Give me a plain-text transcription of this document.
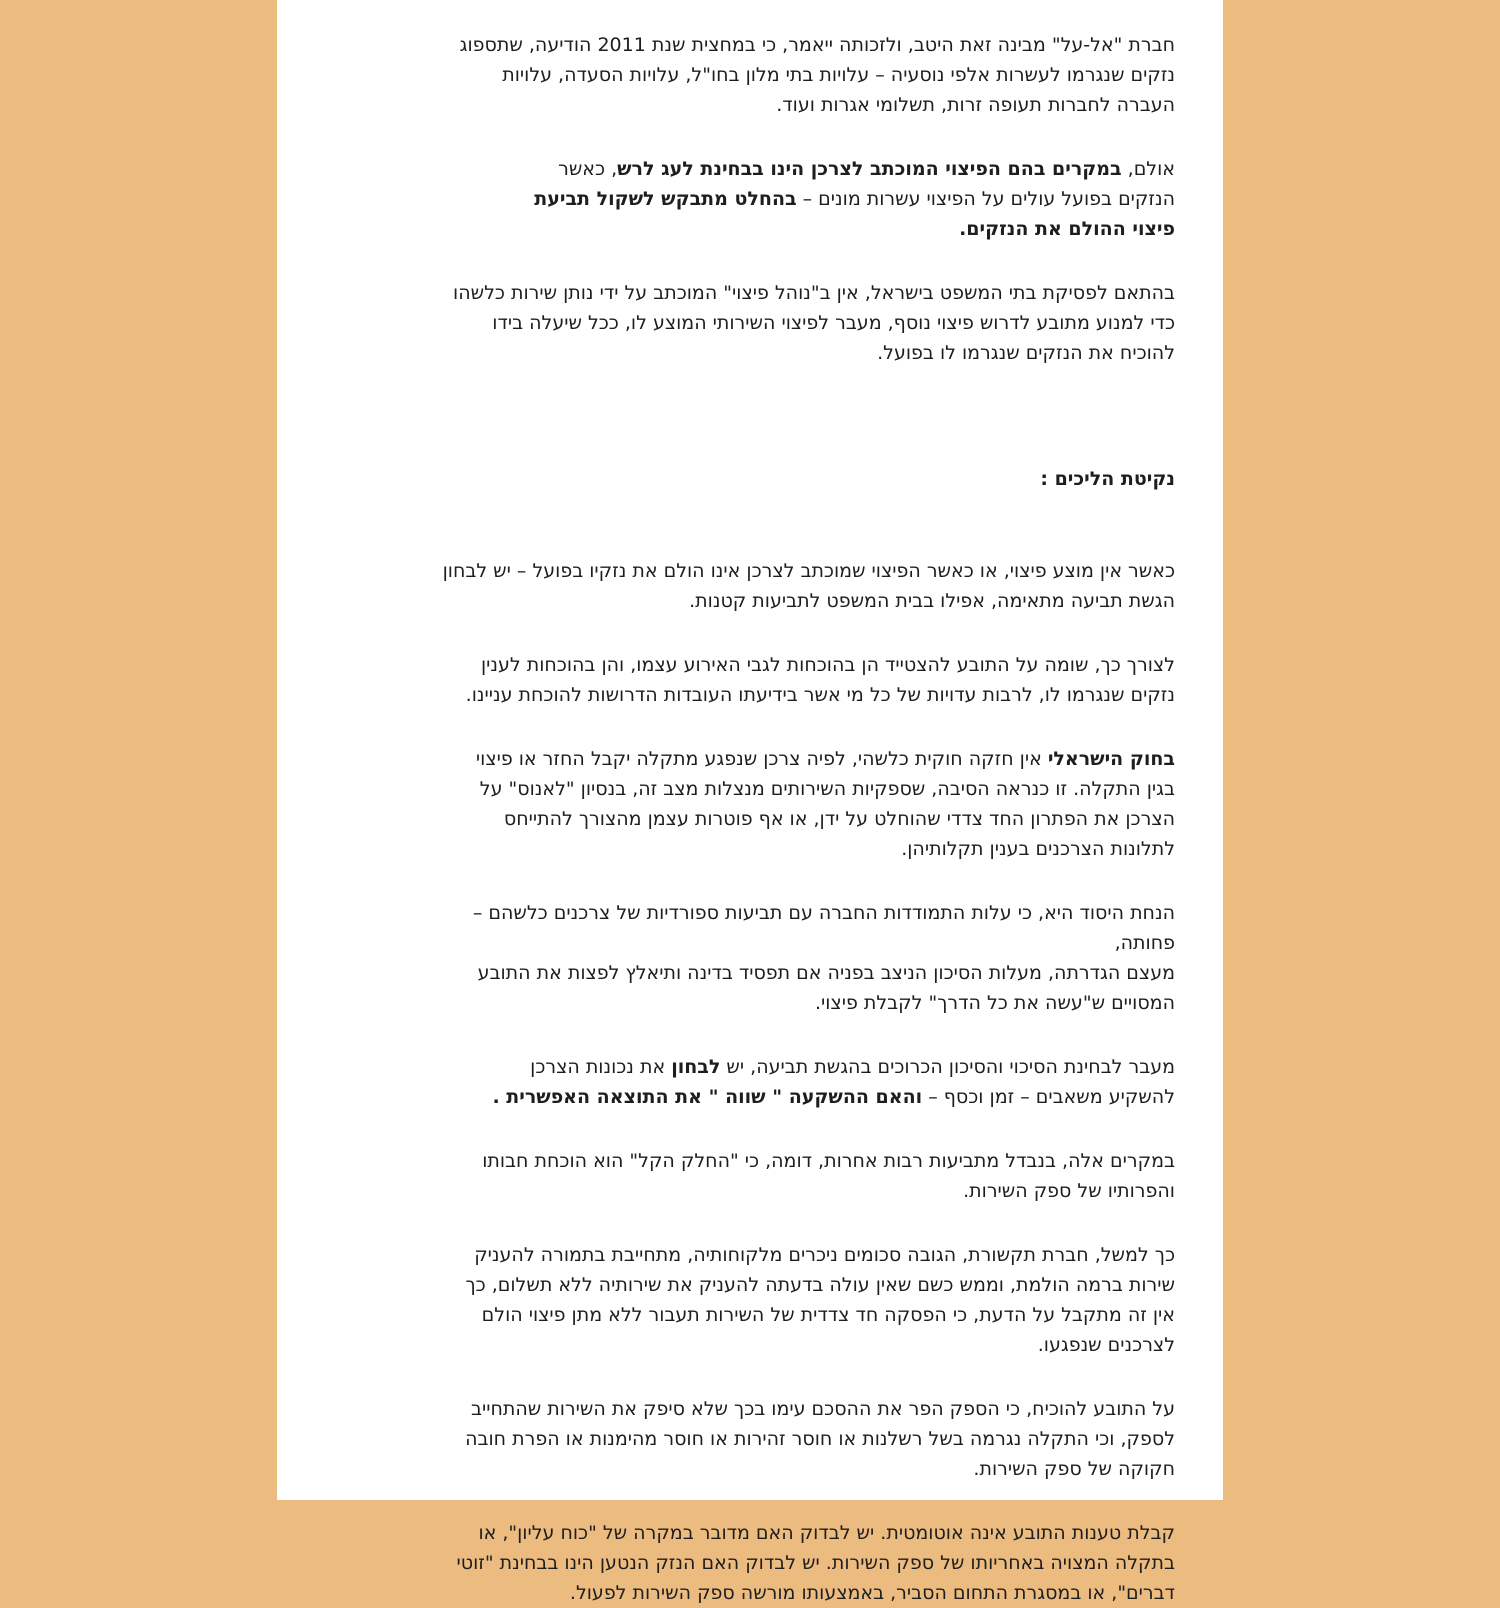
חברת "אל-על" מבינה זאת היטב, ולזכותה ייאמר, כי במחצית שנת 2011 הודיעה, שתספוג
נזקים שנגרמו לעשרות אלפי נוסעיה – עלויות בתי מלון בחו"ל, עלויות הסעדה, עלויות
העברה לחברות תעופה זרות, תשלומי אגרות ועוד.

אולם, במקרים בהם הפיצוי המוכתב לצרכן הינו בבחינת לעג לרש, כאשר
הנזקים בפועל עולים על הפיצוי עשרות מונים – בהחלט מתבקש לשקול תביעת
פיצוי ההולם את הנזקים.

בהתאם לפסיקת בתי המשפט בישראל, אין ב"נוהל פיצוי" המוכתב על ידי נותן שירות כלשהו
כדי למנוע מתובע לדרוש פיצוי נוסף, מעבר לפיצוי השירותי המוצע לו, ככל שיעלה בידו
להוכיח את הנזקים שנגרמו לו בפועל.

נקיטת הליכים :

כאשר אין מוצע פיצוי, או כאשר הפיצוי שמוכתב לצרכן אינו הולם את נזקיו בפועל – יש לבחון
הגשת תביעה מתאימה, אפילו בבית המשפט לתביעות קטנות.

לצורך כך, שומה על התובע להצטייד הן בהוכחות לגבי האירוע עצמו, והן בהוכחות לענין
נזקים שנגרמו לו, לרבות עדויות של כל מי אשר בידיעתו העובדות הדרושות להוכחת עניינו.

בחוק הישראלי אין חזקה חוקית כלשהי, לפיה צרכן שנפגע מתקלה יקבל החזר או פיצוי
בגין התקלה. זו כנראה הסיבה, שספקיות השירותים מנצלות מצב זה, בנסיון "לאנוס" על
הצרכן את הפתרון החד צדדי שהוחלט על ידן, או אף פוטרות עצמן מהצורך להתייחס
לתלונות הצרכנים בענין תקלותיהן.

הנחת היסוד היא, כי עלות התמודדות החברה עם תביעות ספורדיות של צרכנים כלשהם –
פחותה,
מעצם הגדרתה, מעלות הסיכון הניצב בפניה אם תפסיד בדינה ותיאלץ לפצות את התובע
המסויים ש"עשה את כל הדרך" לקבלת פיצוי.

מעבר לבחינת הסיכוי והסיכון הכרוכים בהגשת תביעה, יש לבחון את נכונות הצרכן
להשקיע משאבים – זמן וכסף – והאם ההשקעה " שווה " את התוצאה האפשרית .

במקרים אלה, בנבדל מתביעות רבות אחרות, דומה, כי "החלק הקל" הוא הוכחת חבותו
והפרותיו של ספק השירות.

כך למשל, חברת תקשורת, הגובה סכומים ניכרים מלקוחותיה, מתחייבת בתמורה להעניק
שירות ברמה הולמת, וממש כשם שאין עולה בדעתה להעניק את שירותיה ללא תשלום, כך
אין זה מתקבל על הדעת, כי הפסקה חד צדדית של השירות תעבור ללא מתן פיצוי הולם
לצרכנים שנפגעו.

על התובע להוכיח, כי הספק הפר את ההסכם עימו בכך שלא סיפק את השירות שהתחייב
לספק, וכי התקלה נגרמה בשל רשלנות או חוסר זהירות או חוסר מהימנות או הפרת חובה
חקוקה של ספק השירות.

קבלת טענות התובע אינה אוטומטית. יש לבדוק האם מדובר במקרה של "כוח עליון", או
בתקלה המצויה באחריותו של ספק השירות. יש לבדוק האם הנזק הנטען הינו בבחינת "זוטי
דברים", או במסגרת התחום הסביר, באמצעותו מורשה ספק השירות לפעול.
